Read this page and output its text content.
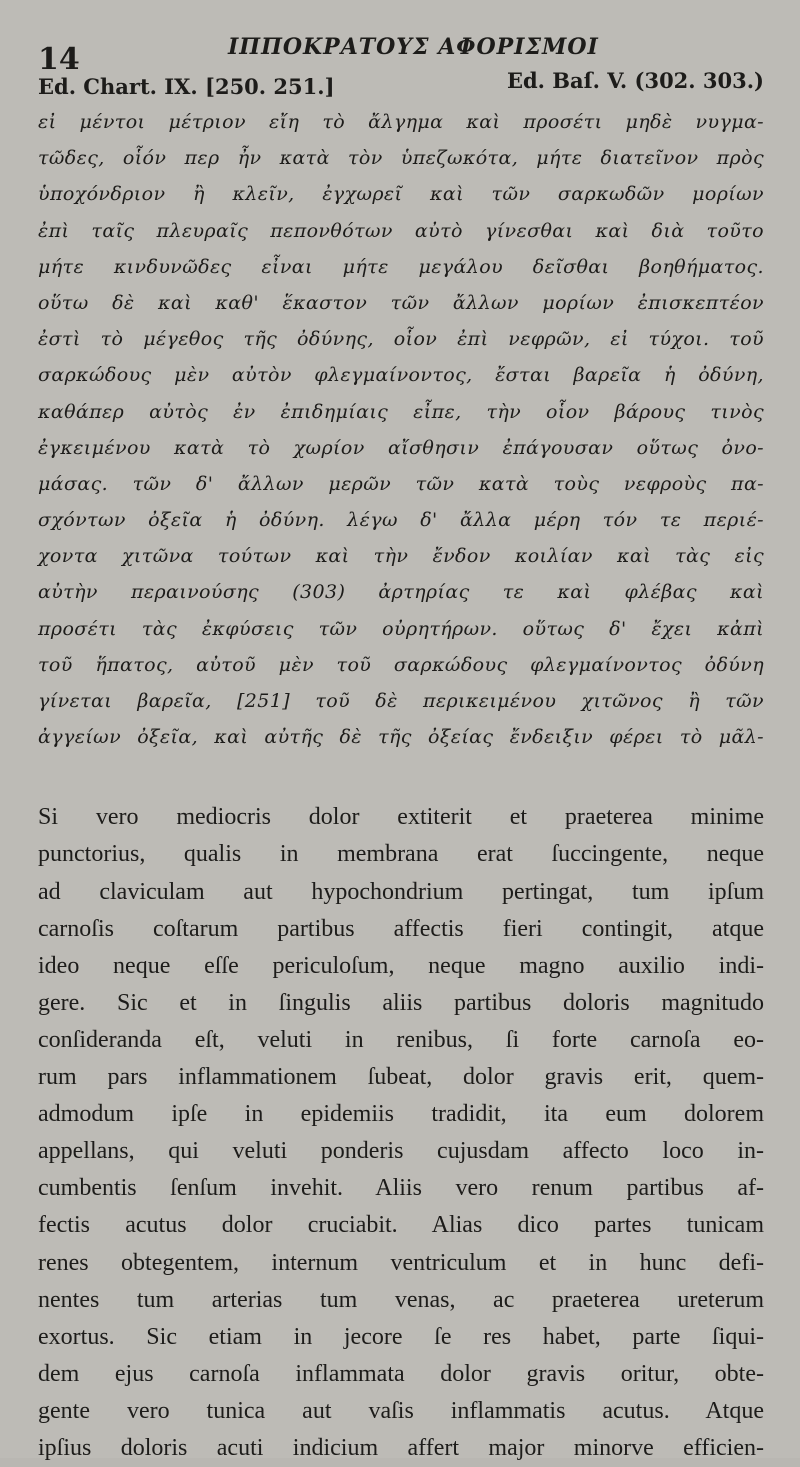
14	ΙΠΠΟΚΡΑΤΟΥΣ ΑΦΟΡΙΣΜΟΙ
Ed. Chart. IX. [250. 251.]	Ed. Baſ. V. (302. 303.)
εἰ μέντοι μέτριον εἴη τὸ ἄλγημα καὶ προσέτι μηδὲ νυγμα-
τῶδες, οἷόν περ ἦν κατὰ τὸν ὑπεζωκότα, μήτε διατεῖνον πρὸς
ὑποχόνδριον ἢ κλεῖν, ἐγχωρεῖ καὶ τῶν σαρκωδῶν μορίων
ἐπὶ ταῖς πλευραῖς πεπονθότων αὐτὸ γίνεσθαι καὶ διὰ τοῦτο
μήτε κινδυνῶδες εἶναι μήτε μεγάλου δεῖσθαι βοηθήματος.
οὕτω δὲ καὶ καθ' ἕκαστον τῶν ἄλλων μορίων ἐπισκεπτέον
ἐστὶ τὸ μέγεθος τῆς ὀδύνης, οἷον ἐπὶ νεφρῶν, εἰ τύχοι. τοῦ
σαρκώδους μὲν αὐτὸν φλεγμαίνοντος, ἔσται βαρεῖα ἡ ὀδύνη,
καθάπερ αὐτὸς ἐν ἐπιδημίαις εἶπε, τὴν οἷον βάρους τινὸς
ἐγκειμένου κατὰ τὸ χωρίον αἴσθησιν ἐπάγουσαν οὕτως ὀνο-
μάσας. τῶν δ' ἄλλων μερῶν τῶν κατὰ τοὺς νεφροὺς πα-
σχόντων ὀξεῖα ἡ ὀδύνη. λέγω δ' ἄλλα μέρη τόν τε περιέ-
χοντα χιτῶνα τούτων καὶ τὴν ἔνδον κοιλίαν καὶ τὰς εἰς
αὐτὴν περαινούσης (303) ἀρτηρίας τε καὶ φλέβας καὶ
προσέτι τὰς ἐκφύσεις τῶν οὐρητήρων. οὕτως δ' ἔχει κἀπὶ
τοῦ ἥπατος, αὐτοῦ μὲν τοῦ σαρκώδους φλεγμαίνοντος ὀδύνη
γίνεται βαρεῖα, [251] τοῦ δὲ περικειμένου χιτῶνος ἢ τῶν
ἀγγείων ὀξεῖα, καὶ αὐτῆς δὲ τῆς ὀξείας ἔνδειξιν φέρει τὸ μᾶλ-
Si vero mediocris dolor extiterit et praeterea minime
punctorius, qualis in membrana erat ſuccingente, neque
ad claviculam aut hypochondrium pertingat, tum ipſum
carnoſis coſtarum partibus affectis fieri contingit, atque
ideo neque eſſe periculoſum, neque magno auxilio indi-
gere. Sic et in ſingulis aliis partibus doloris magnitudo
conſideranda eſt, veluti in renibus, ſi forte carnoſa eo-
rum pars inflammationem ſubeat, dolor gravis erit, quem-
admodum ipſe in epidemiis tradidit, ita eum dolorem
appellans, qui veluti ponderis cujusdam affecto loco in-
cumbentis ſenſum invehit. Aliis vero renum partibus af-
fectis acutus dolor cruciabit. Alias dico partes tunicam
renes obtegentem, internum ventriculum et in hunc defi-
nentes tum arterias tum venas, ac praeterea ureterum
exortus. Sic etiam in jecore ſe res habet, parte ſiqui-
dem ejus carnoſa inflammata dolor gravis oritur, obte-
gente vero tunica aut vaſis inflammatis acutus. Atque
ipſius doloris acuti indicium affert major minorve efficien-
